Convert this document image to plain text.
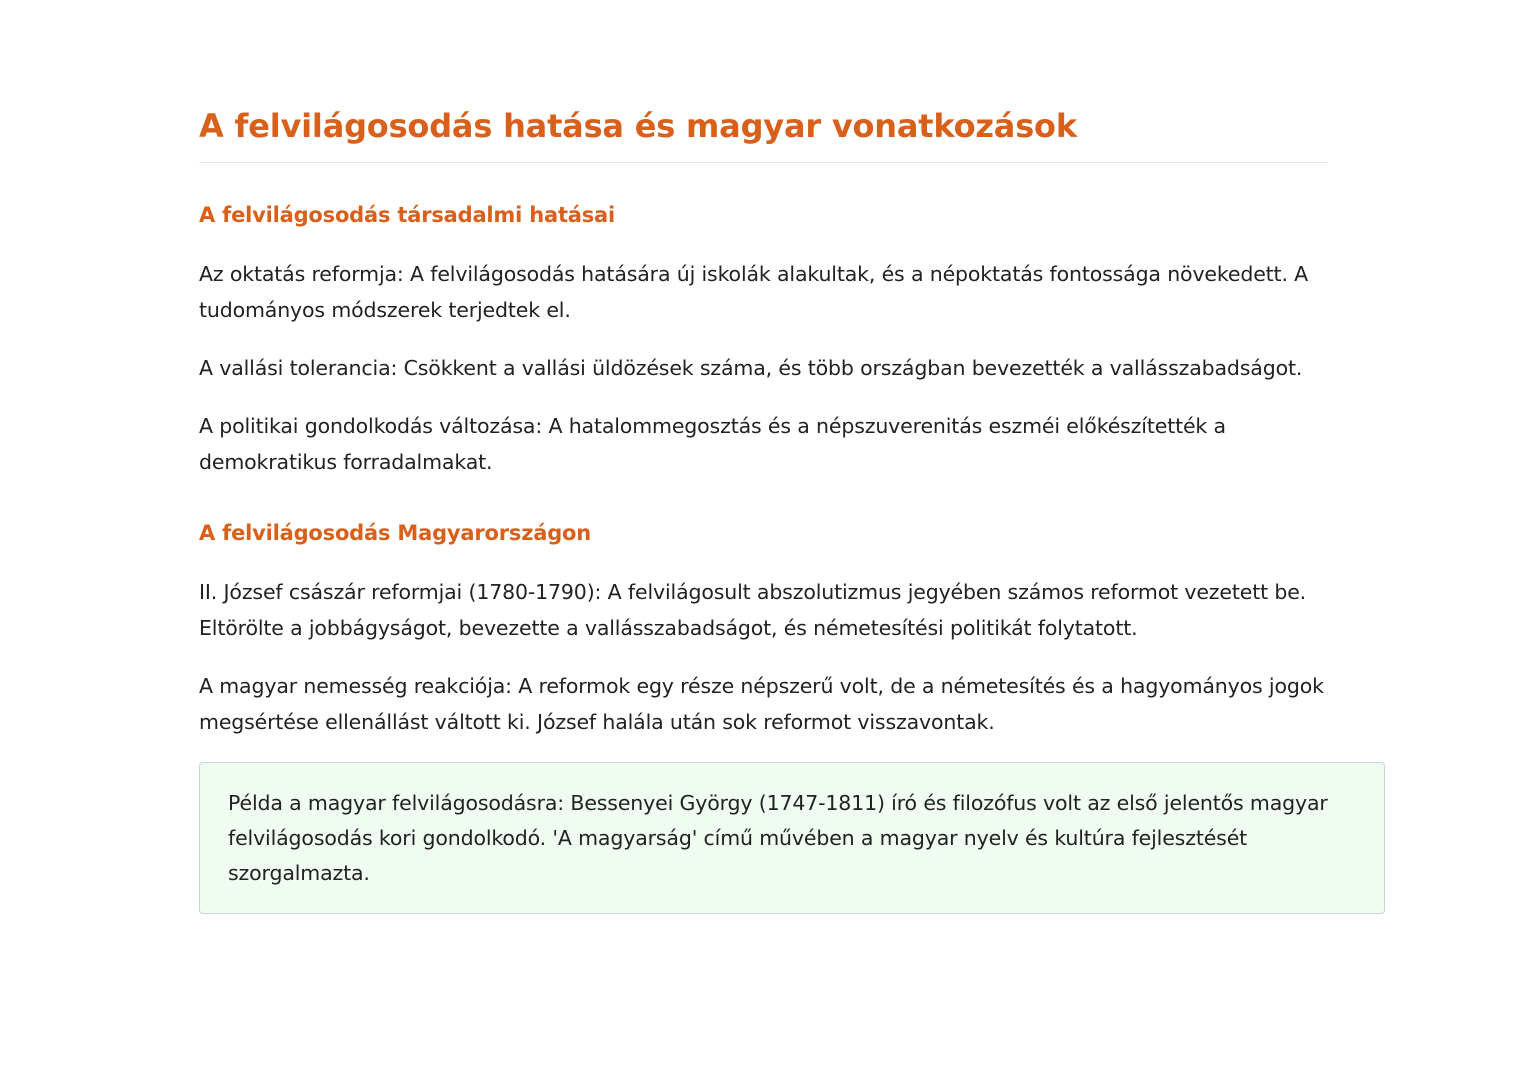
A felvilágosodás hatása és magyar vonatkozások
A felvilágosodás társadalmi hatásai

Az oktatás reformja: A felvilágosodás hatására új iskolák alakultak, és a népoktatás fontossága növekedett. A tudományos módszerek terjedtek el.

A vallási tolerancia: Csökkent a vallási üldözések száma, és több országban bevezették a vallásszabadságot.

A politikai gondolkodás változása: A hatalommegosztás és a népszuverenitás eszméi előkészítették a demokratikus forradalmakat.

A felvilágosodás Magyarországon

II. József császár reformjai (1780-1790): A felvilágosult abszolutizmus jegyében számos reformot vezetett be. Eltörölte a jobbágyságot, bevezette a vallásszabadságot, és németesítési politikát folytatott.

A magyar nemesség reakciója: A reformok egy része népszerű volt, de a németesítés és a hagyományos jogok megsértése ellenállást váltott ki. József halála után sok reformot visszavontak.

Példa a magyar felvilágosodásra: Bessenyei György (1747-1811) író és filozófus volt az első jelentős magyar felvilágosodás kori gondolkodó. 'A magyarság' című művében a magyar nyelv és kultúra fejlesztését szorgalmazta.
